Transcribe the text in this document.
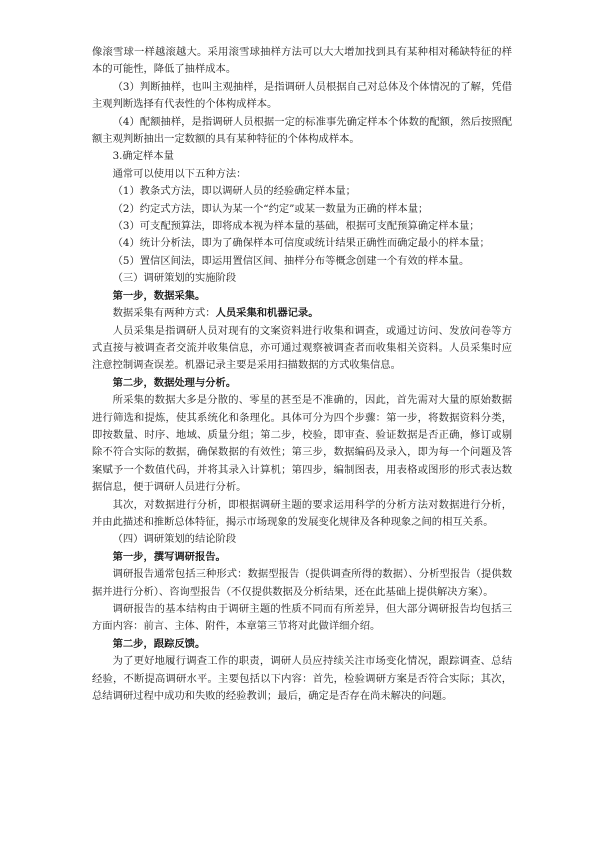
像滚雪球一样越滚越大。采用滚雪球抽样方法可以大大增加找到具有某种相对稀缺特征的样本的可能性，降低了抽样成本。

（3）判断抽样，也叫主观抽样，是指调研人员根据自己对总体及个体情况的了解，凭借主观判断选择有代表性的个体构成样本。

（4）配额抽样，是指调研人员根据一定的标准事先确定样本个体数的配额，然后按照配额主观判断抽出一定数额的具有某种特征的个体构成样本。

3.确定样本量

通常可以使用以下五种方法：

（1）教条式方法，即以调研人员的经验确定样本量；

（2）约定式方法，即认为某一个“约定”或某一数量为正确的样本量；

（3）可支配预算法，即将成本视为样本量的基础，根据可支配预算确定样本量；

（4）统计分析法，即为了确保样本可信度或统计结果正确性而确定最小的样本量；

（5）置信区间法，即运用置信区间、抽样分布等概念创建一个有效的样本量。

（三）调研策划的实施阶段

第一步，数据采集。

数据采集有两种方式：人员采集和机器记录。

人员采集是指调研人员对现有的文案资料进行收集和调查，或通过访问、发放问卷等方式直接与被调查者交流并收集信息，亦可通过观察被调查者而收集相关资料。人员采集时应注意控制调查误差。机器记录主要是采用扫描数据的方式收集信息。

第二步，数据处理与分析。

所采集的数据大多是分散的、零星的甚至是不准确的，因此，首先需对大量的原始数据进行筛选和提炼，使其系统化和条理化。具体可分为四个步骤：第一步，将数据资料分类，即按数量、时序、地域、质量分组；第二步，校验，即审查、验证数据是否正确，修订或剔除不符合实际的数据，确保数据的有效性；第三步，数据编码及录入，即为每一个问题及答案赋予一个数值代码，并将其录入计算机；第四步，编制图表，用表格或图形的形式表达数据信息，便于调研人员进行分析。

其次，对数据进行分析，即根据调研主题的要求运用科学的分析方法对数据进行分析，并由此描述和推断总体特征，揭示市场现象的发展变化规律及各种现象之间的相互关系。

（四）调研策划的结论阶段

第一步，撰写调研报告。

调研报告通常包括三种形式：数据型报告（提供调查所得的数据）、分析型报告（提供数据并进行分析）、咨询型报告（不仅提供数据及分析结果，还在此基础上提供解决方案）。

调研报告的基本结构由于调研主题的性质不同而有所差异，但大部分调研报告均包括三方面内容：前言、主体、附件，本章第三节将对此做详细介绍。

第二步，跟踪反馈。

为了更好地履行调查工作的职责，调研人员应持续关注市场变化情况，跟踪调查、总结经验，不断提高调研水平。主要包括以下内容：首先，检验调研方案是否符合实际；其次，总结调研过程中成功和失败的经验教训；最后，确定是否存在尚未解决的问题。
